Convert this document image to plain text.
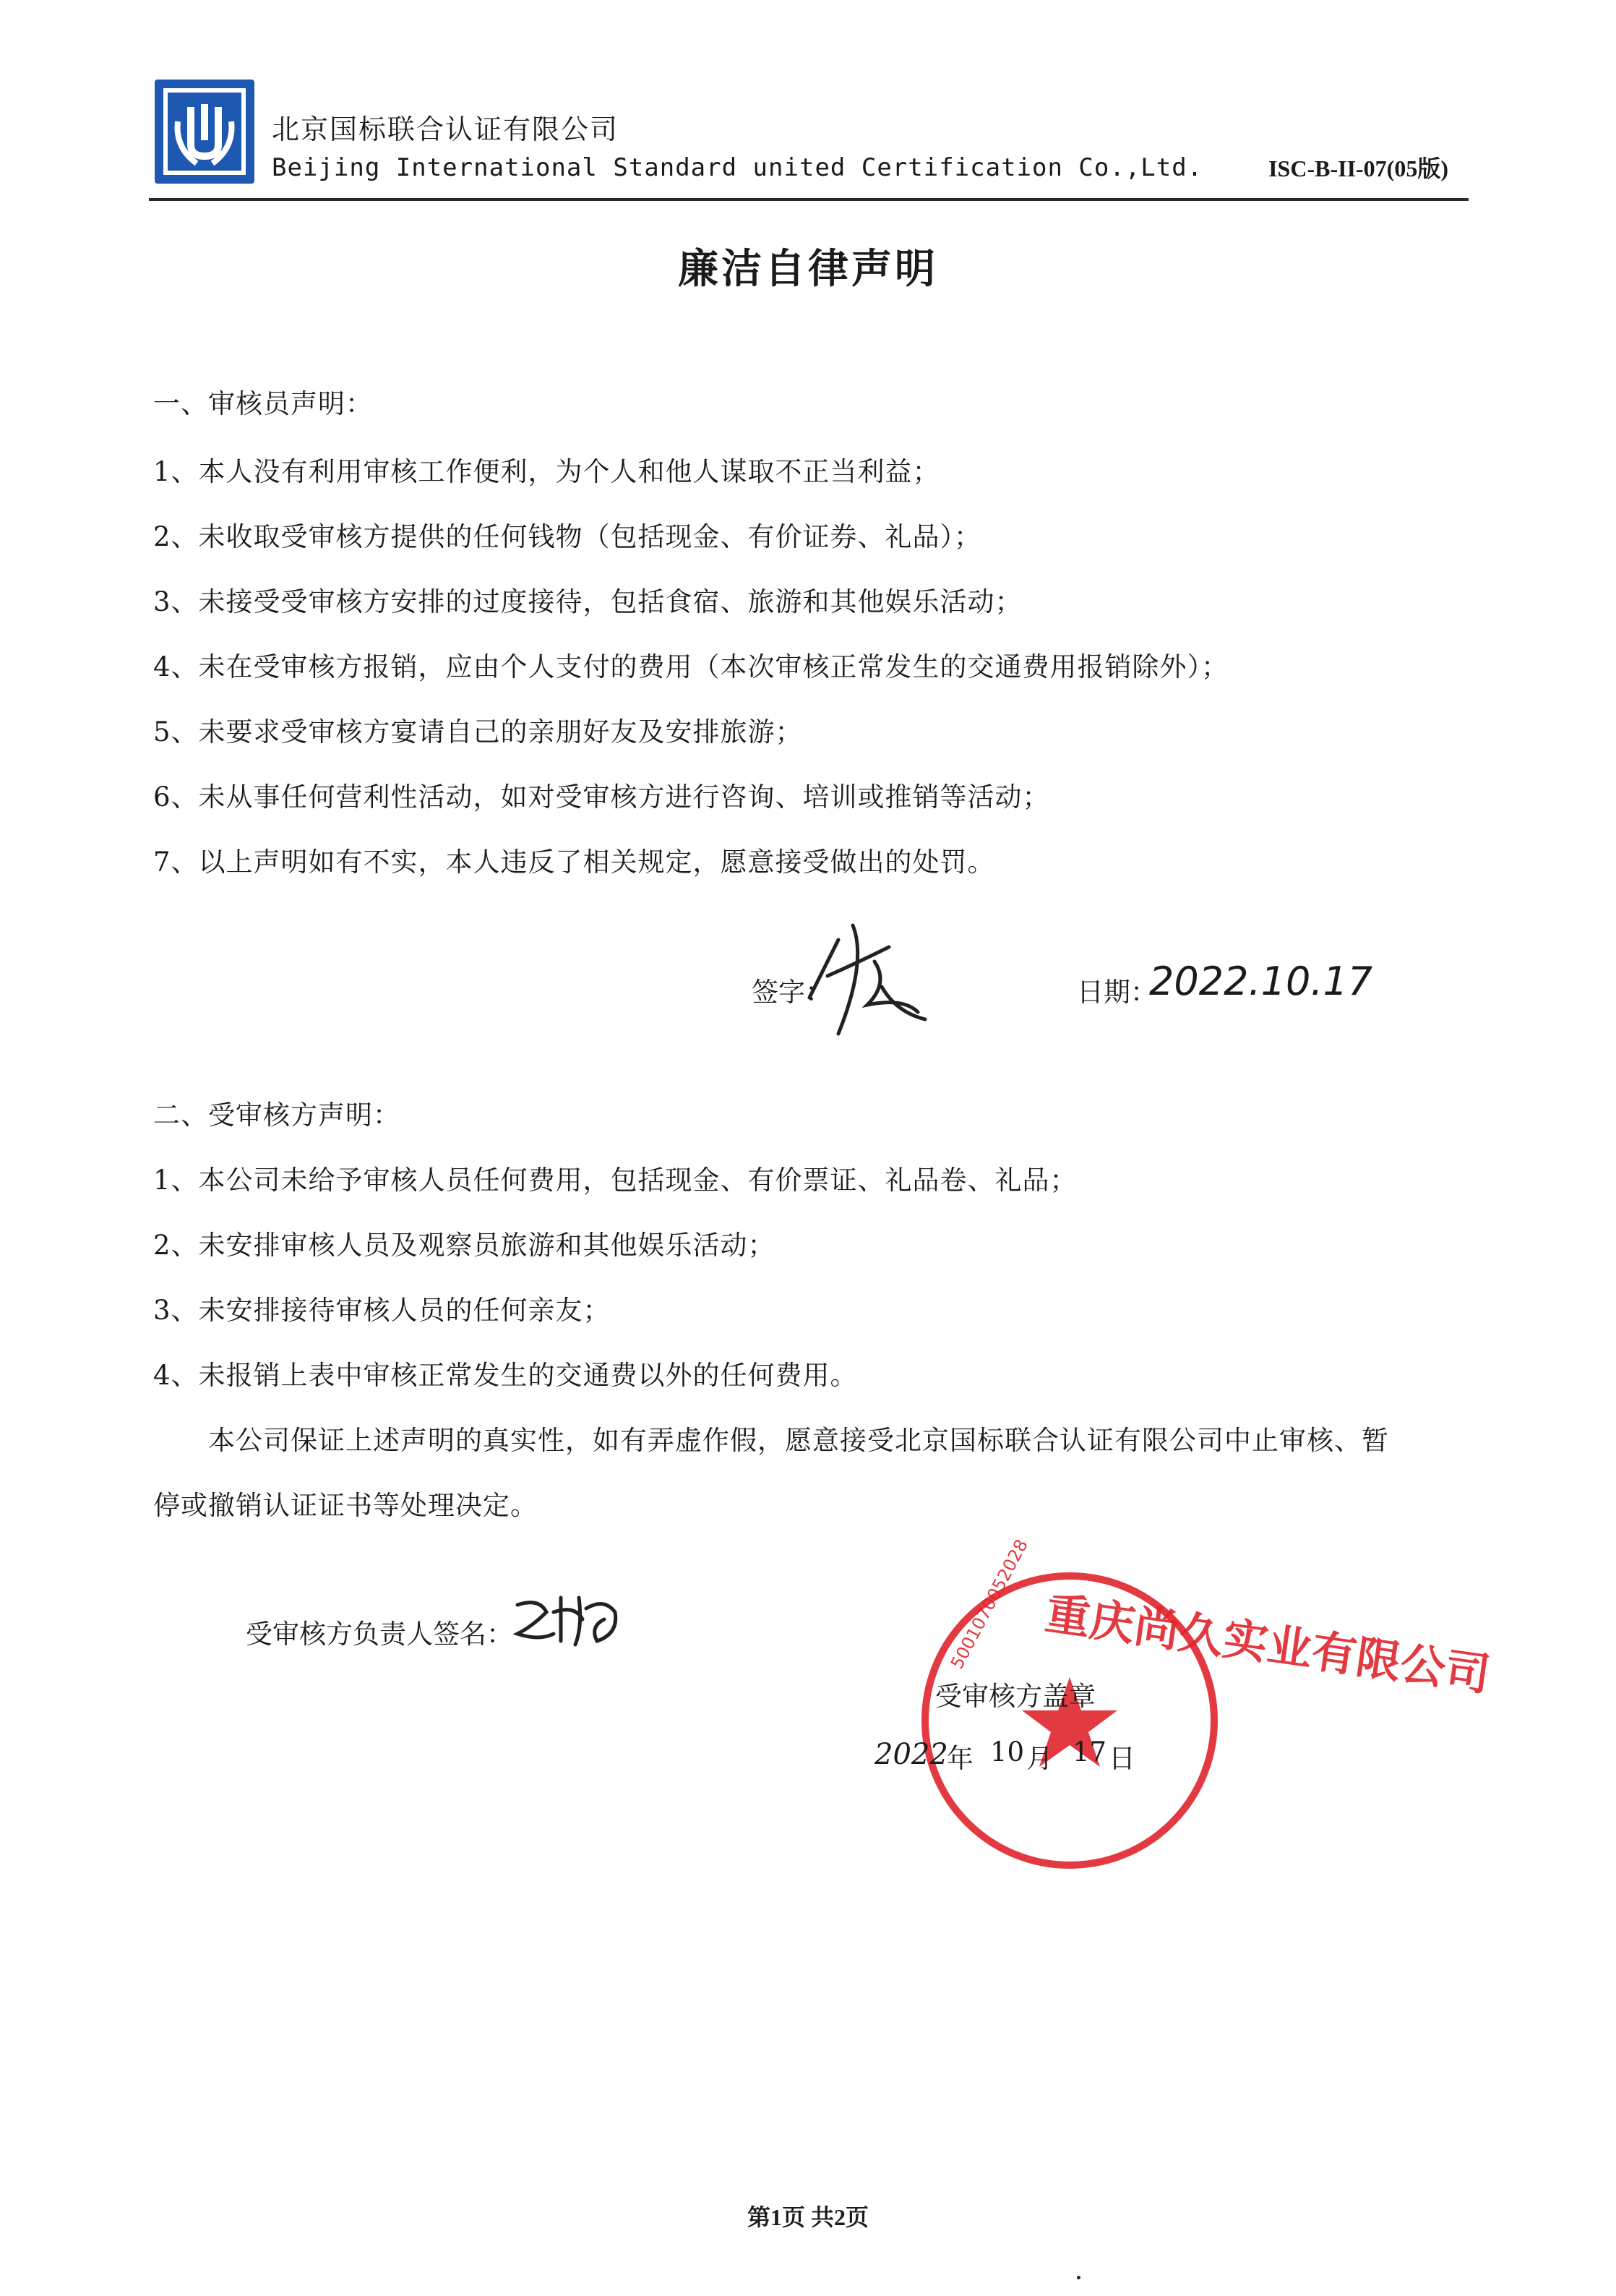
北京国标联合认证有限公司
Beijing International Standard united Certification Co.,Ltd.	ISC-B-II-07(05版)
廉洁自律声明
一、审核员声明：
1、本人没有利用审核工作便利，为个人和他人谋取不正当利益；
2、未收取受审核方提供的任何钱物（包括现金、有价证券、礼品）；
3、未接受受审核方安排的过度接待，包括食宿、旅游和其他娱乐活动；
4、未在受审核方报销，应由个人支付的费用（本次审核正常发生的交通费用报销除外）；
5、未要求受审核方宴请自己的亲朋好友及安排旅游；
6、未从事任何营利性活动，如对受审核方进行咨询、培训或推销等活动；
7、以上声明如有不实，本人违反了相关规定，愿意接受做出的处罚。
签字：	日期：
2022.10.17
二、受审核方声明：
1、本公司未给予审核人员任何费用，包括现金、有价票证、礼品卷、礼品；
2、未安排审核人员及观察员旅游和其他娱乐活动；
3、未安排接待审核人员的任何亲友；
4、未报销上表中审核正常发生的交通费以外的任何费用。
本公司保证上述声明的真实性，如有弄虚作假，愿意接受北京国标联合认证有限公司中止审核、暂
停或撤销认证证书等处理决定。
受审核方负责人签名：	重庆尚久实业有限公司
5001070052028
受审核方盖章
2022
年 10 月 17 日
第1页 共2页
